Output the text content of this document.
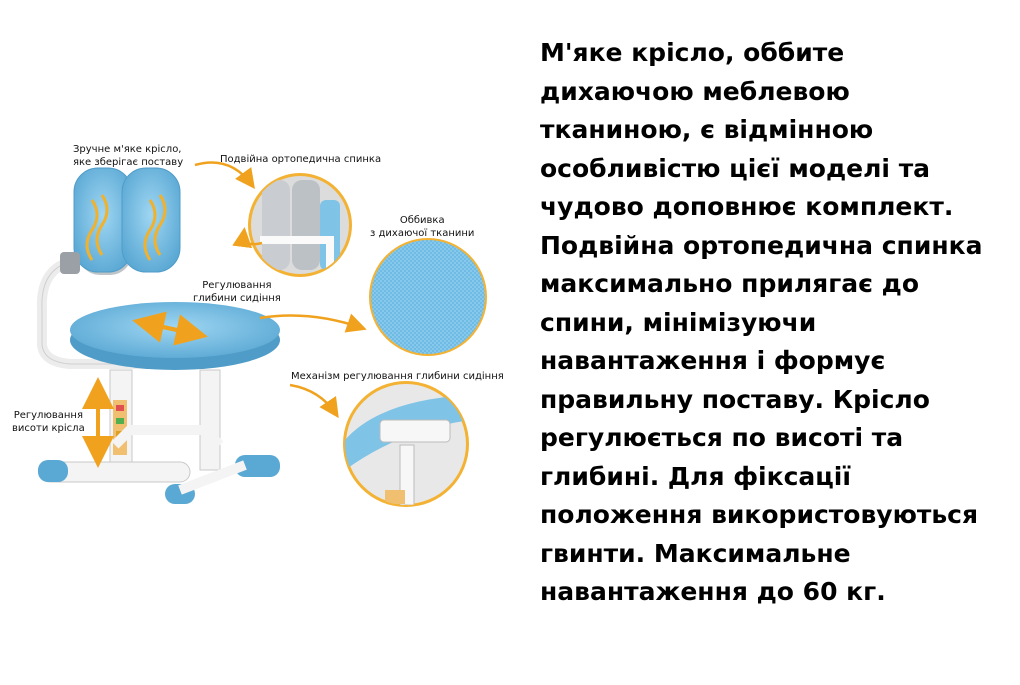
Зручне м'яке крісло,
яке зберігає поставу	Подвійна ортопедична спинка
Оббивка
з дихаючої тканини
Регулювання
глибини сидіння
Механізм регулювання глибини сидіння
Регулювання
висоти крісла
М'яке крісло, оббите
дихаючою меблевою
тканиною, є відмінною
особливістю цієї моделі та
чудово доповнює комплект.
Подвійна ортопедична спинка
максимально прилягає до
спини, мінімізуючи
навантаження і формує
правильну поставу. Крісло
регулюється по висоті та
глибині. Для фіксації
положення використовуються
гвинти. Максимальне
навантаження до 60 кг.
